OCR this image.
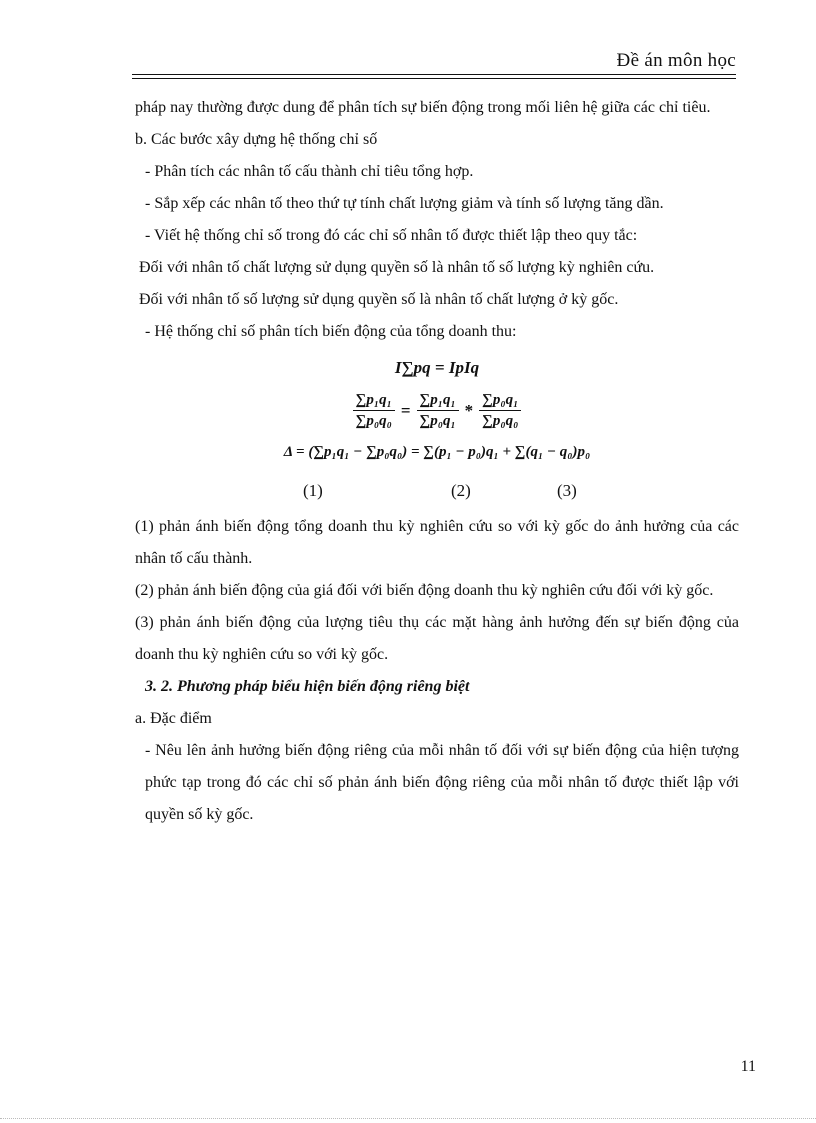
Đề án môn học

pháp nay thường được dung để phân tích sự biến động trong mối liên hệ giữa các chỉ tiêu.

b. Các bước xây dựng hệ thống chỉ số

- Phân tích các nhân tố cấu thành chỉ tiêu tổng hợp.

- Sắp xếp các nhân tố theo thứ tự tính chất lượng giảm và tính số lượng tăng dần.

- Viết hệ thống chỉ số trong đó các chỉ số nhân tố được thiết lập theo quy tắc:

Đối với nhân tố chất lượng sử dụng quyền số là nhân tố số lượng kỳ nghiên cứu.

Đối với nhân tố số lượng sử dụng quyền số là nhân tố chất lượng ở kỳ gốc.

- Hệ thống chỉ số phân tích biến động của tổng doanh thu:

I∑pq = IpIq
$\frac{\text{∑p₁q₁}}{\text{∑p₀q₀}} = \frac{\text{∑p₁q₁}}{\text{∑p₀q₁}} * \frac{\text{∑p₀q₁}}{\text{∑p₀q₀}}$
Δ = (∑p₁q₁ − ∑p₀q₀) = ∑(p₁ − p₀)q₁ + ∑(q₁ − q₀)p₀
(1)	(2)	(3)

(1) phản ánh biến động tổng doanh thu kỳ nghiên cứu so với kỳ gốc do ảnh hưởng của các nhân tố cấu thành.

(2) phản ánh biến động của giá đối với biến động doanh thu kỳ nghiên cứu đối với kỳ gốc.

(3) phản ánh biến động của lượng tiêu thụ các mặt hàng ảnh hưởng đến sự biến động của doanh thu kỳ nghiên cứu so với kỳ gốc.

3. 2. Phương pháp biểu hiện biến động riêng biệt

a. Đặc điểm

- Nêu lên ảnh hưởng biến động riêng của mỗi nhân tố đối với sự biến động của hiện tượng phức tạp trong đó các chỉ số phản ánh biến động riêng của mỗi nhân tố được thiết lập với quyền số kỳ gốc.

11
